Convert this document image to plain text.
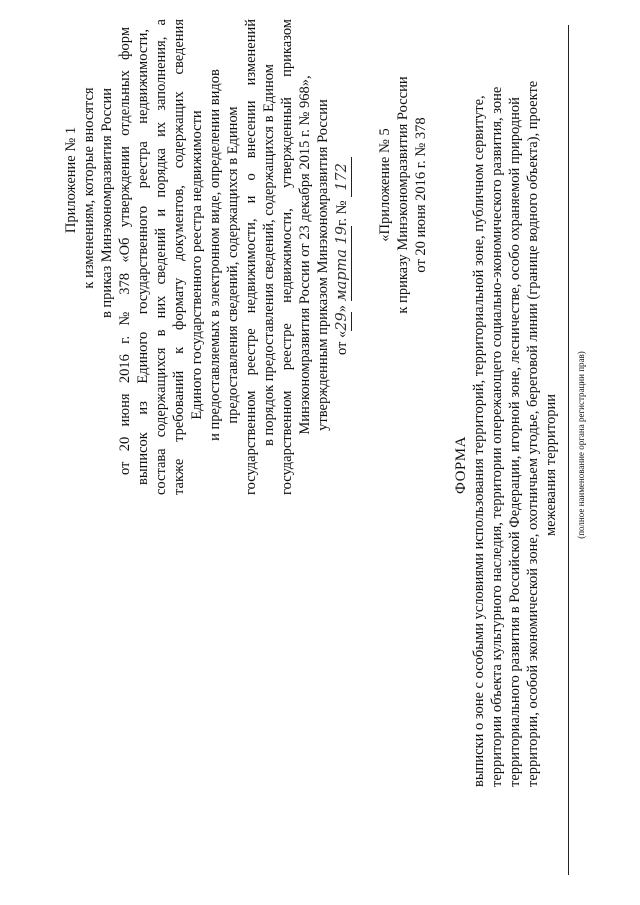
Приложение № 1 к изменениям, которые вносятся в приказ Минэкономразвития России от 20 июня 2016 г. № 378 «Об утверждении отдельных форм выписок из Единого государственного реестра недвижимости, состава содержащихся в них сведений и порядка их заполнения, а также требований к формату документов, содержащих сведения Единого государственного реестра недвижимости и предоставляемых в электронном виде, определении видов предоставления сведений, содержащихся в Едином государственном реестре недвижимости, и о внесении изменений в порядок предоставления сведений, содержащихся в Едином государственном реестре недвижимости, утвержденный приказом Минэкономразвития России от 23 декабря 2015 г. № 968», утвержденным приказом Минэкономразвития России от «29» марта 19г. № 172 «Приложение № 5 к приказу Минэкономразвития России от 20 июня 2016 г. № 378
ФОРМА выписки о зоне с особыми условиями использования территорий, территориальной зоне, публичном сервитуте, территории объекта культурного наследия, территории опережающего социально-экономического развития, зоне территориального развития в Российской Федерации, игорной зоне, лесничестве, особо охраняемой природной территории, особой экономической зоне, охотничьем угодье, береговой линии (границе водного объекта), проекте межевания территории	(полное наименование органа регистрации прав)
